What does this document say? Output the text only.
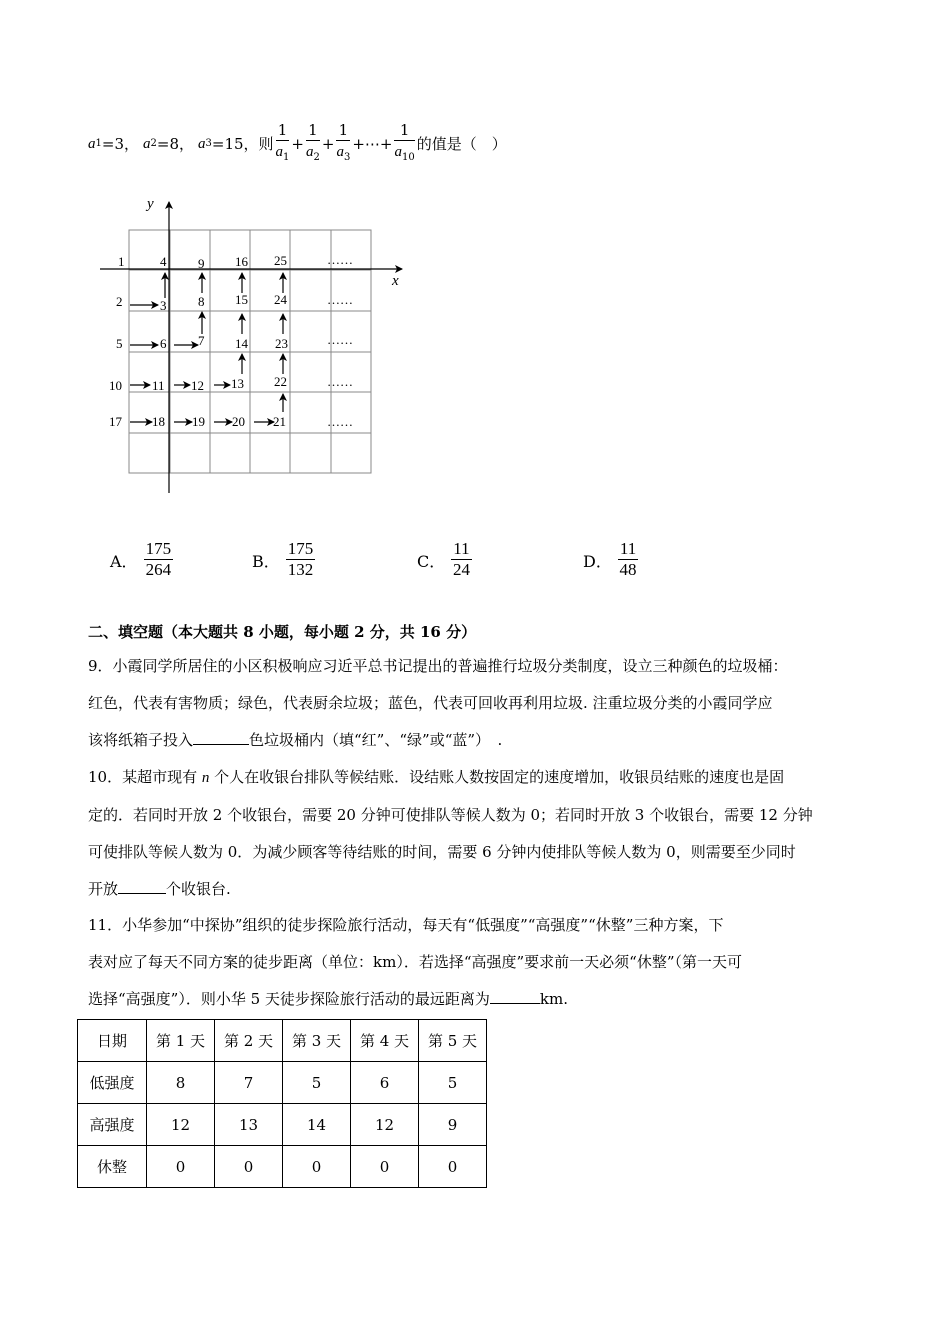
a 1 =3， a 2 =8， a 3 =15，则 $\frac{1}{a_1} + \frac{1}{a_2} + \frac{1}{a_3}$ + ⋯ + $\frac{1}{a_{10}}$ 的值是（　）
y
x
1	4 9 16 25	……
2	3 8 15 24	……
5	6 7 14 23	……
10 11 12 13 22	……
17 18 19 20 21	……
A． $\frac{175}{264}$	B． $\frac{175}{132}$	C． $\frac{11}{24}$	D． $\frac{11}{48}$
二、填空题（本大题共 8 小题，每小题 2 分，共 16 分）
9．小霞同学所居住的小区积极响应习近平总书记提出的普遍推行垃圾分类制度，设立三种颜色的垃圾桶：
红色，代表有害物质；绿色，代表厨余垃圾；蓝色，代表可回收再利用垃圾. 注重垃圾分类的小霞同学应
该将纸箱子投入	色垃圾桶内（填“红”、“绿”或“蓝”）　.
10．某超市现有 n 个人在收银台排队等候结账．设结账人数按固定的速度增加，收银员结账的速度也是固
定的．若同时开放 2 个收银台，需要 20 分钟可使排队等候人数为 0；若同时开放 3 个收银台，需要 12 分钟
可使排队等候人数为 0．为减少顾客等待结账的时间，需要 6 分钟内使排队等候人数为 0，则需要至少同时
开放	个收银台.
11．小华参加“中探协”组织的徒步探险旅行活动，每天有“低强度”“高强度”“休整”三种方案，下
表对应了每天不同方案的徒步距离（单位：km）．若选择“高强度”要求前一天必须“休整”（第一天可
选择“高强度”）．则小华 5 天徒步探险旅行活动的最远距离为	km.
日期	第 1 天	第 2 天	第 3 天	第 4 天	第 5 天
低强度	8	7	5	6	5
高强度	12	13	14	12	9
休整	0	0	0	0	0
